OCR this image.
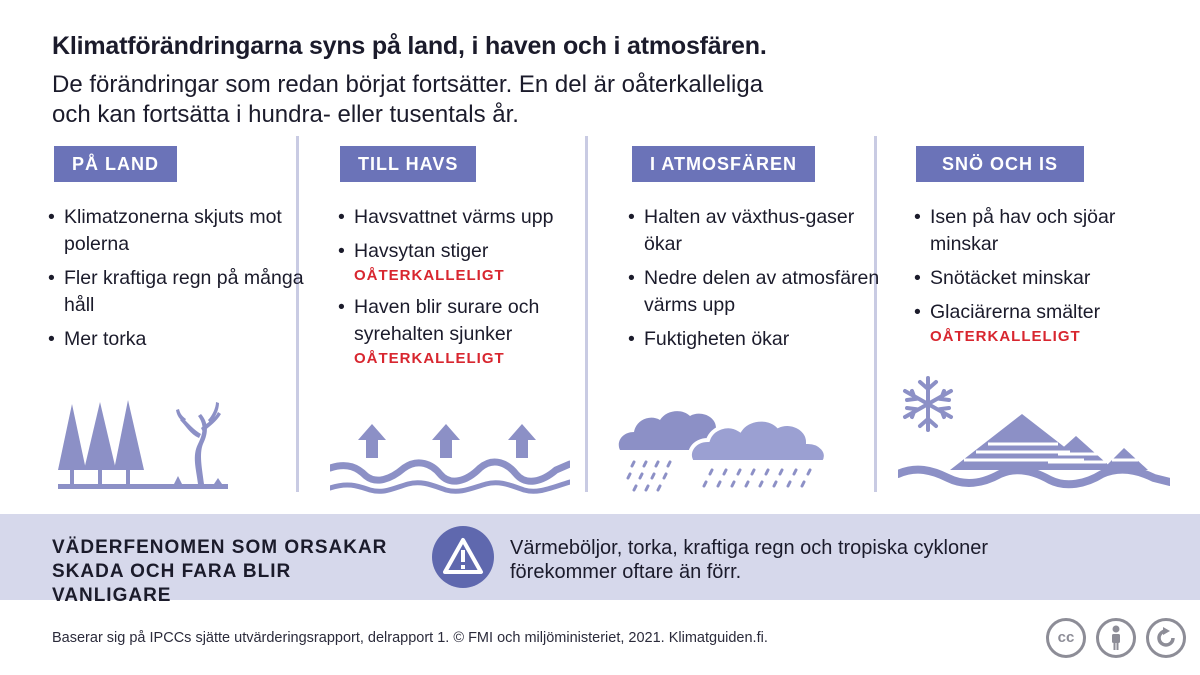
Klimatförändringarna syns på land, i haven och i atmosfären.

De förändringar som redan börjat fortsätter. En del är oåterkalleliga
och kan fortsätta i hundra- eller tusentals år.

PÅ LAND
• Klimatzonerna skjuts mot polerna
• Fler kraftiga regn på många håll
• Mer torka
TILL HAVS
• Havsvattnet värms upp
• Havsytan stiger
OÅTERKALLELIGT
• Haven blir surare och syrehalten sjunker
OÅTERKALLELIGT
I ATMOSFÄREN
• Halten av växthus-gaser ökar
• Nedre delen av atmosfären värms upp
• Fuktigheten ökar
SNÖ OCH IS
• Isen på hav och sjöar minskar
• Snötäcket minskar
• Glaciärerna smälter
OÅTERKALLELIGT
VÄDERFENOMEN SOM ORSAKAR
SKADA OCH FARA BLIR VANLIGARE

Värmeböljor, torka, kraftiga regn och tropiska cykloner
förekommer oftare än förr.

Baserar sig på IPCCs sjätte utvärderingsrapport, delrapport 1. © FMI och miljöministeriet, 2021. Klimatguiden.fi.	cc
